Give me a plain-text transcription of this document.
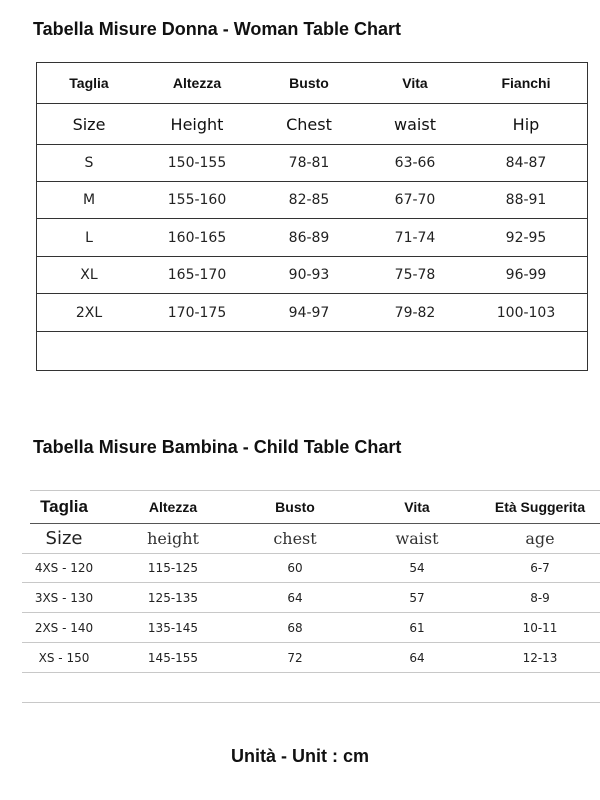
Tabella Misure Donna - Woman Table Chart
Taglia	Altezza	Busto	Vita	Fianchi
Size	Height	Chest	waist	Hip
S	150-155	78-81	63-66	84-87
M	155-160	82-85	67-70	88-91
L	160-165	86-89	71-74	92-95
XL	165-170	90-93	75-78	96-99
2XL	170-175	94-97	79-82	100-103
Tabella Misure Bambina - Child Table Chart
Taglia	Altezza	Busto	Vita	Età Suggerita
Size	height	chest	waist	age
4XS - 120	115-125	60	54	6-7
3XS - 130	125-135	64	57	8-9
2XS - 140	135-145	68	61	10-11
XS - 150	145-155	72	64	12-13
Unità - Unit : cm
